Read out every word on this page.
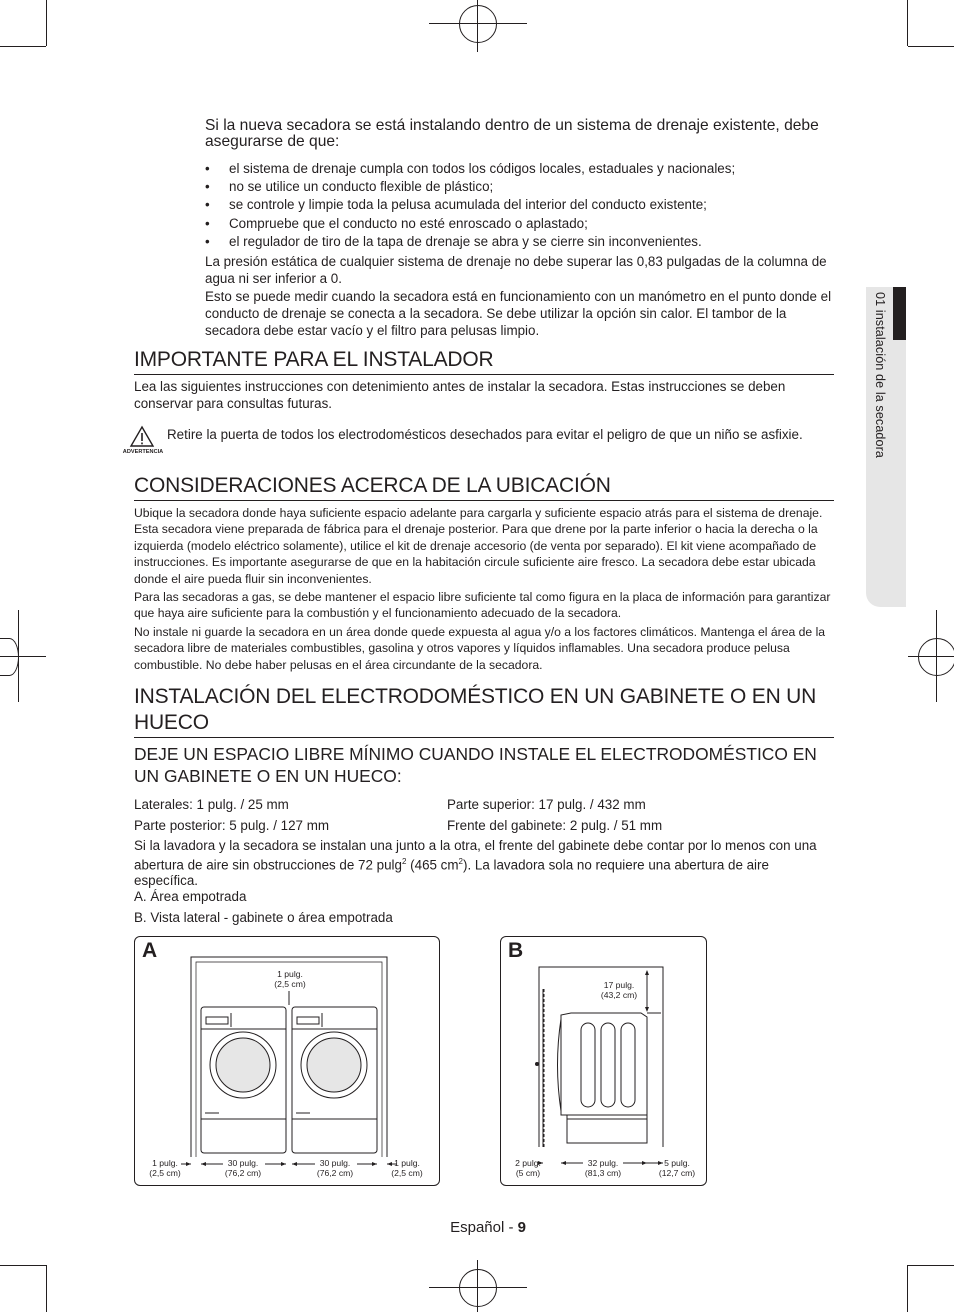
01 instalación de la secadora
Si la nueva secadora se está instalando dentro de un sistema de drenaje existente, debe asegurarse de que:
• el sistema de drenaje cumpla con todos los códigos locales, estaduales y nacionales;
• no se utilice un conducto flexible de plástico;
• se controle y limpie toda la pelusa acumulada del interior del conducto existente;
• Compruebe que el conducto no esté enroscado o aplastado;
• el regulador de tiro de la tapa de drenaje se abra y se cierre sin inconvenientes.

La presión estática de cualquier sistema de drenaje no debe superar las 0,83 pulgadas de la columna de agua ni ser inferior a 0.

Esto se puede medir cuando la secadora está en funcionamiento con un manómetro en el punto donde el conducto de drenaje se conecta a la secadora. Se debe utilizar la opción sin calor. El tambor de la secadora debe estar vacío y el filtro para pelusas limpio.

IMPORTANTE PARA EL INSTALADOR

Lea las siguientes instrucciones con detenimiento antes de instalar la secadora. Estas instrucciones se deben conservar para consultas futuras.

ADVERTENCIA

Retire la puerta de todos los electrodomésticos desechados para evitar el peligro de que un niño se asfixie.

CONSIDERACIONES ACERCA DE LA UBICACIÓN

Ubique la secadora donde haya suficiente espacio adelante para cargarla y suficiente espacio atrás para el sistema de drenaje. Esta secadora viene preparada de fábrica para el drenaje posterior. Para que drene por la parte inferior o hacia la derecha o la izquierda (modelo eléctrico solamente), utilice el kit de drenaje accesorio (de venta por separado). El kit viene acompañado de instrucciones. Es importante asegurarse de que en la habitación circule suficiente aire fresco. La secadora debe estar ubicada donde el aire pueda fluir sin inconvenientes.

Para las secadoras a gas, se debe mantener el espacio libre suficiente tal como figura en la placa de información para garantizar que haya aire suficiente para la combustión y el funcionamiento adecuado de la secadora.

No instale ni guarde la secadora en un área donde quede expuesta al agua y/o a los factores climáticos. Mantenga el área de la secadora libre de materiales combustibles, gasolina y otros vapores y líquidos inflamables. Una secadora produce pelusa combustible. No debe haber pelusas en el área circundante de la secadora.

INSTALACIÓN DEL ELECTRODOMÉSTICO EN UN GABINETE O EN UN HUECO
DEJE UN ESPACIO LIBRE MÍNIMO CUANDO INSTALE EL ELECTRODOMÉSTICO EN UN GABINETE O EN UN HUECO:
Laterales: 1 pulg. / 25 mm	Parte superior: 17 pulg. / 432 mm
Parte posterior: 5 pulg. / 127 mm	Frente del gabinete: 2 pulg. / 51 mm

Si la lavadora y la secadora se instalan una junto a la otra, el frente del gabinete debe contar por lo menos con una abertura de aire sin obstrucciones de 72 pulg$^2$ (465 $cm^2$). La lavadora sola no requiere una abertura de aire específica.

A. Área empotrada
B. Vista lateral - gabinete o área empotrada
A
1 pulg.
(2,5 cm)
1 pulg.
(2,5 cm)
30 pulg.
(76,2 cm)
30 pulg.
(76,2 cm)
1 pulg.
(2,5 cm)
B
17 pulg.
(43,2 cm)
2 pulg.
(5 cm)
32 pulg.
(81,3 cm)
5 pulg.
(12,7 cm)
Español - 9
